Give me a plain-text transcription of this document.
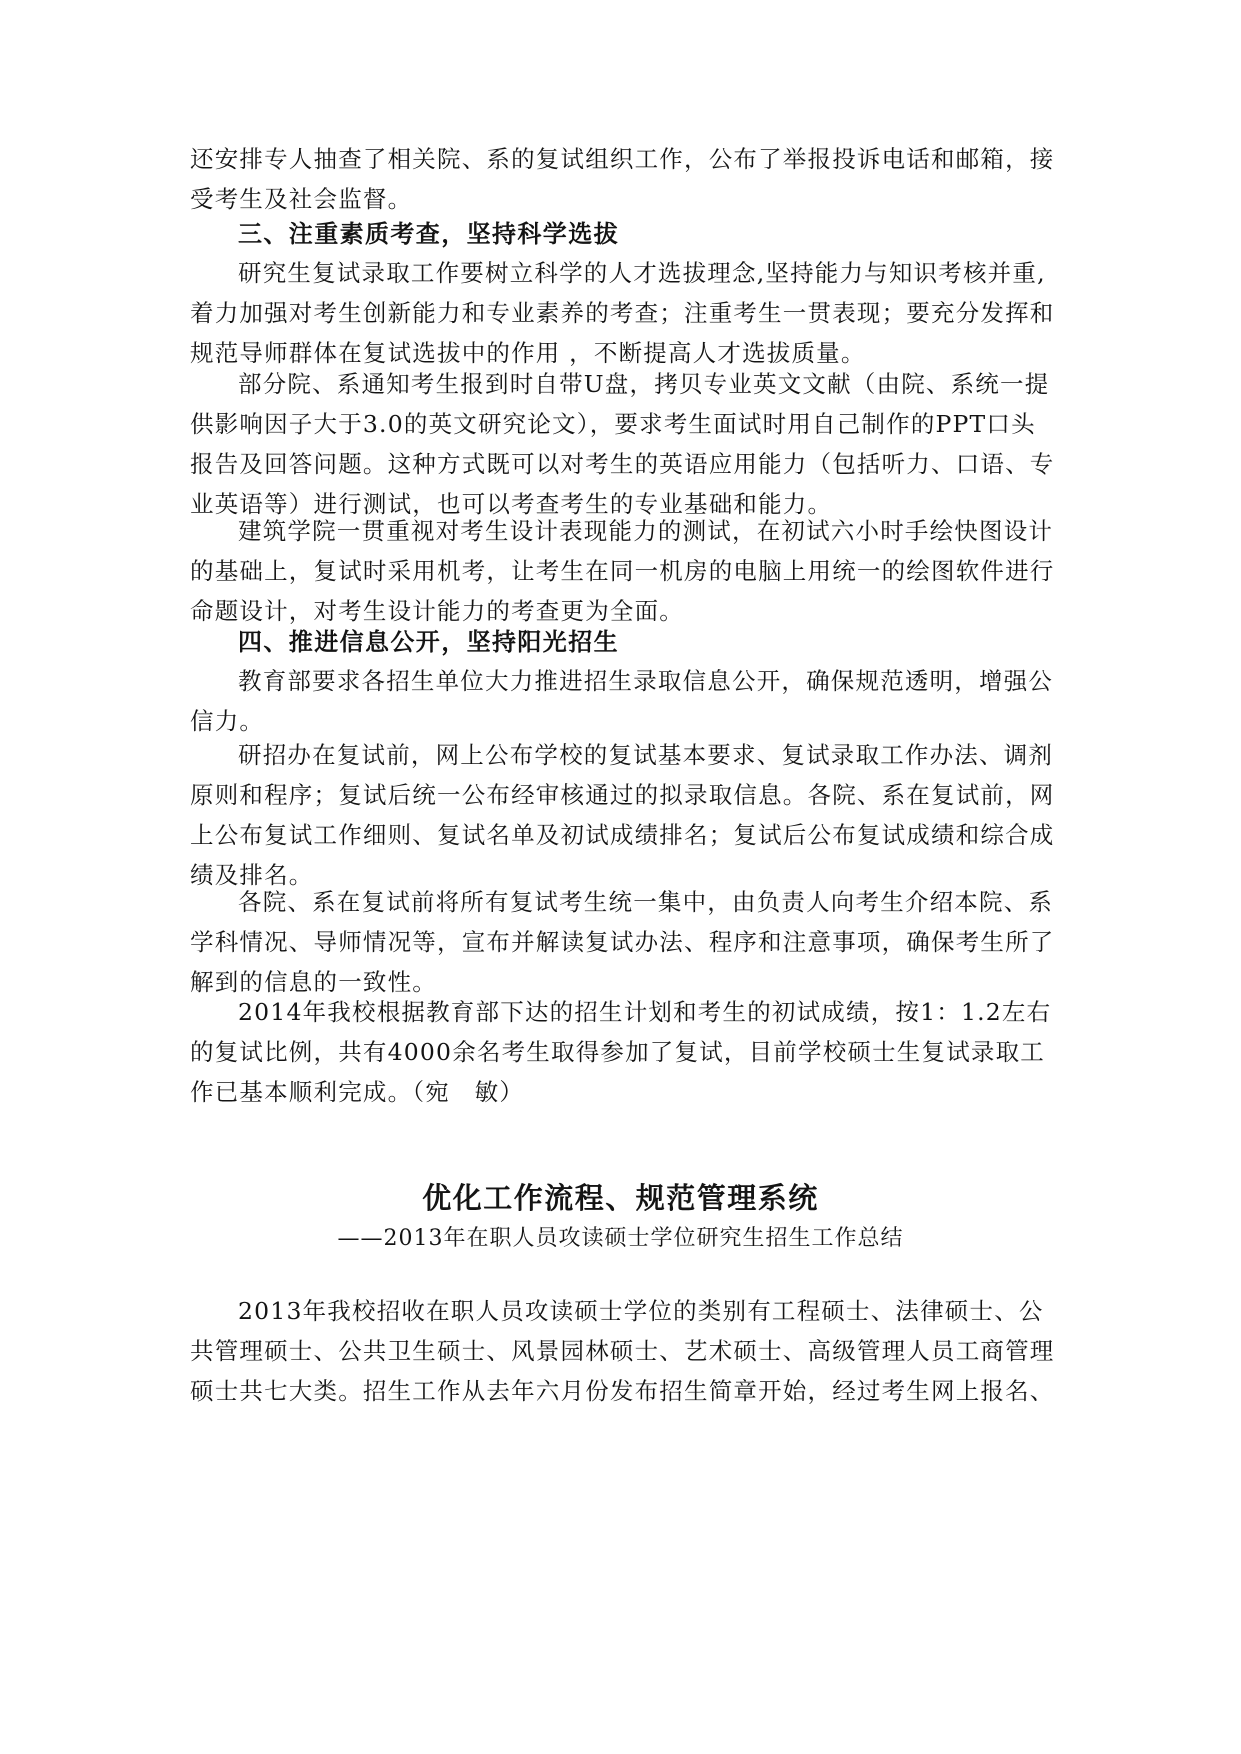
还安排专人抽查了相关院、系的复试组织工作，公布了举报投诉电话和邮箱，接
受考生及社会监督。
三、注重素质考查，坚持科学选拔
研究生复试录取工作要树立科学的人才选拔理念,坚持能力与知识考核并重,
着力加强对考生创新能力和专业素养的考查；注重考生一贯表现；要充分发挥和
规范导师群体在复试选拔中的作用 ，不断提高人才选拔质量。
部分院、系通知考生报到时自带U盘，拷贝专业英文文献（由院、系统一提
供影响因子大于3.0的英文研究论文），要求考生面试时用自己制作的PPT口头
报告及回答问题。这种方式既可以对考生的英语应用能力（包括听力、口语、专
业英语等）进行测试，也可以考查考生的专业基础和能力。
建筑学院一贯重视对考生设计表现能力的测试，在初试六小时手绘快图设计
的基础上，复试时采用机考，让考生在同一机房的电脑上用统一的绘图软件进行
命题设计，对考生设计能力的考查更为全面。
四、推进信息公开，坚持阳光招生
教育部要求各招生单位大力推进招生录取信息公开，确保规范透明，增强公
信力。
研招办在复试前，网上公布学校的复试基本要求、复试录取工作办法、调剂
原则和程序；复试后统一公布经审核通过的拟录取信息。各院、系在复试前，网
上公布复试工作细则、复试名单及初试成绩排名；复试后公布复试成绩和综合成
绩及排名。
各院、系在复试前将所有复试考生统一集中，由负责人向考生介绍本院、系
学科情况、导师情况等，宣布并解读复试办法、程序和注意事项，确保考生所了
解到的信息的一致性。
2014年我校根据教育部下达的招生计划和考生的初试成绩，按1：1.2左右
的复试比例，共有4000余名考生取得参加了复试，目前学校硕士生复试录取工
作已基本顺利完成。（宛　敏）
优化工作流程、规范管理系统

——2013年在职人员攻读硕士学位研究生招生工作总结

2013年我校招收在职人员攻读硕士学位的类别有工程硕士、法律硕士、公
共管理硕士、公共卫生硕士、风景园林硕士、艺术硕士、高级管理人员工商管理
硕士共七大类。招生工作从去年六月份发布招生简章开始，经过考生网上报名、
